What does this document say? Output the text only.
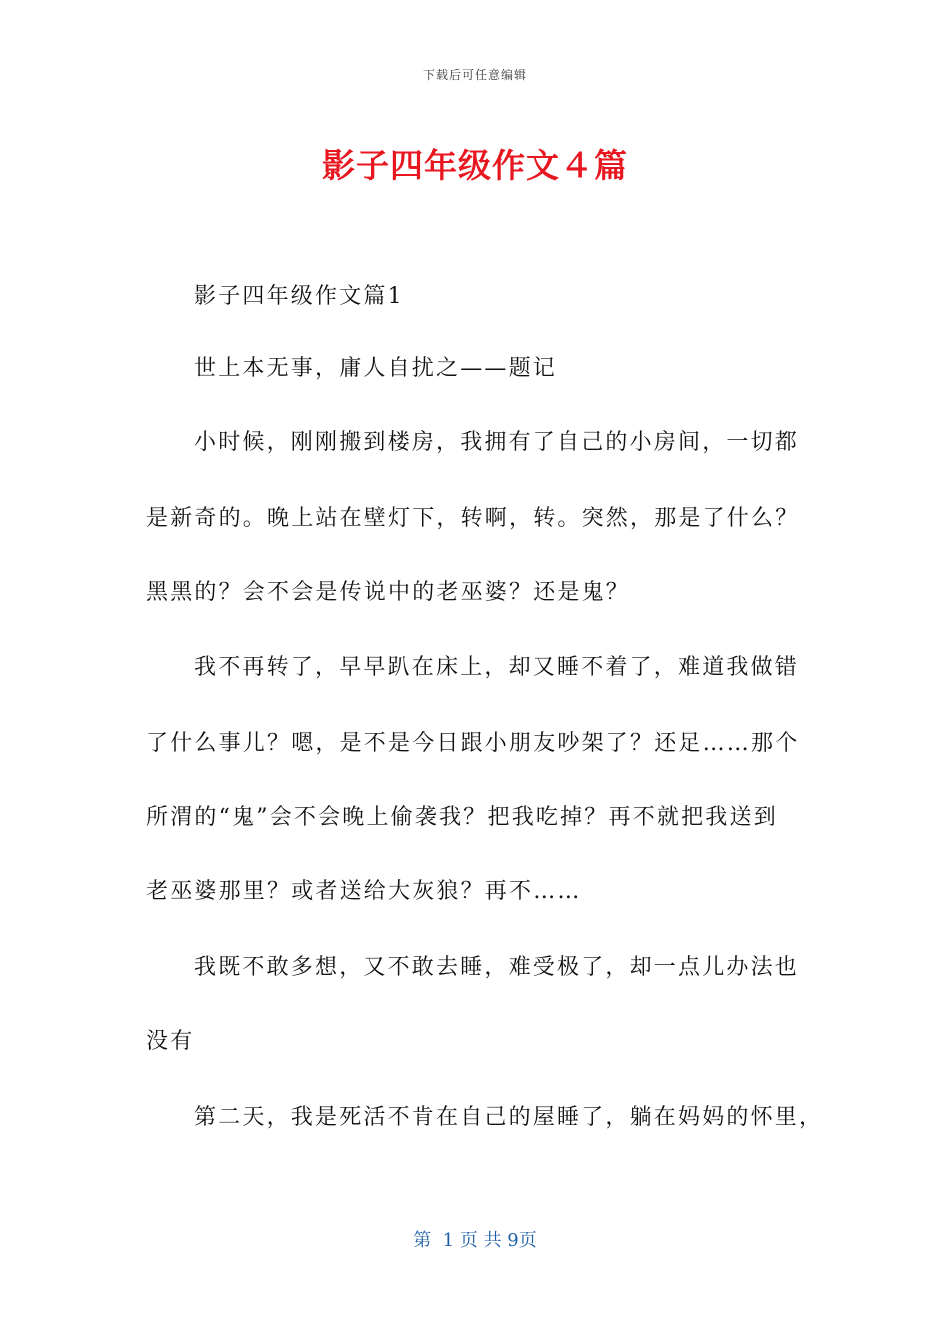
下载后可任意编辑
影子四年级作文４篇
影子四年级作文篇1
世上本无事，庸人自扰之——题记
小时候，刚刚搬到楼房，我拥有了自己的小房间，一切都
是新奇的。晚上站在壁灯下，转啊，转。突然，那是了什么？
黑黑的？会不会是传说中的老巫婆？还是鬼？
我不再转了，早早趴在床上，却又睡不着了，难道我做错
了什么事儿？嗯，是不是今日跟小朋友吵架了？还足……那个
所渭的“鬼”会不会晚上偷袭我？把我吃掉？再不就把我送到
老巫婆那里？或者送给大灰狼？再不……
我既不敢多想，又不敢去睡，难受极了，却一点儿办法也
没有
第二天，我是死活不肯在自己的屋睡了，躺在妈妈的怀里，
第  1 页 共 9页
